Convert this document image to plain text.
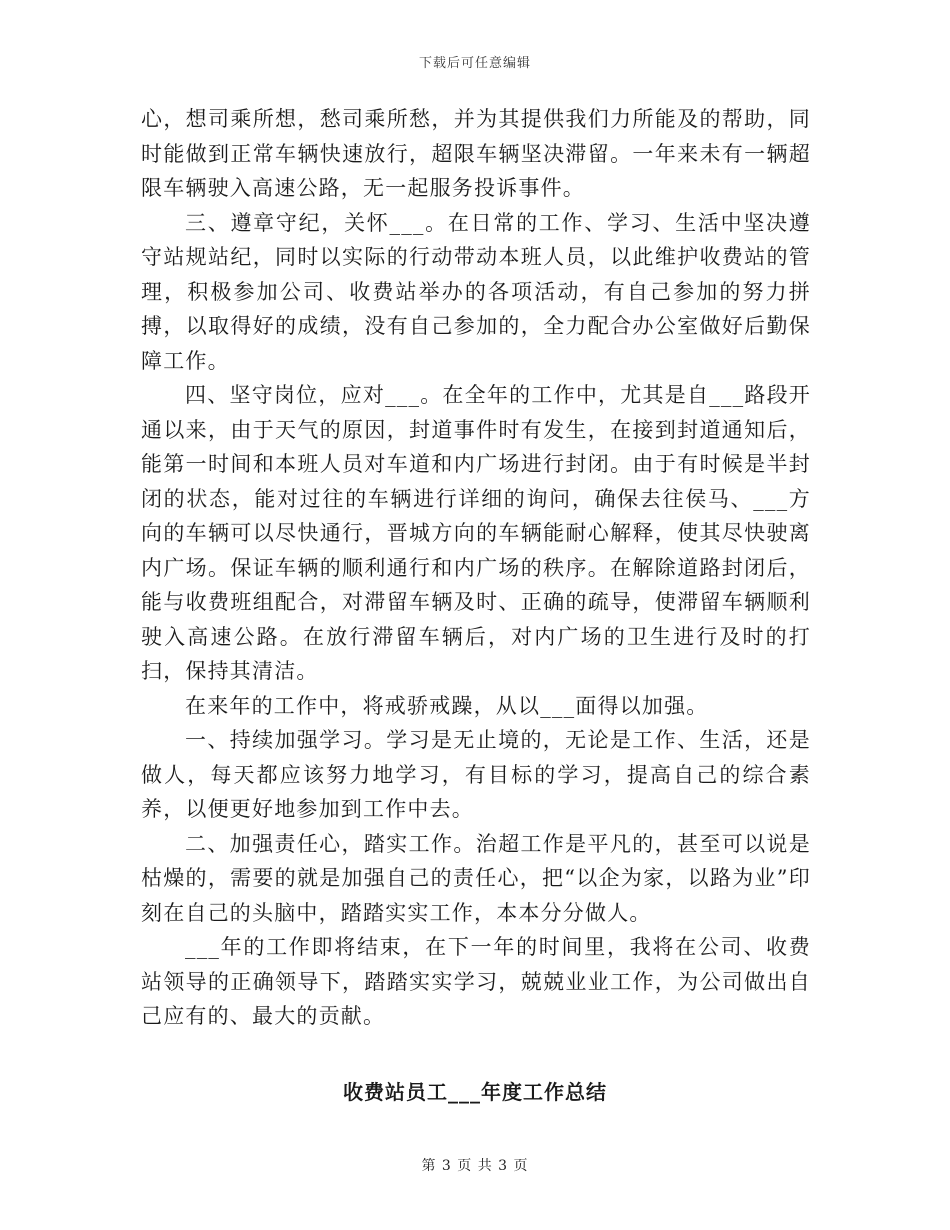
下载后可任意编辑

心，想司乘所想，愁司乘所愁，并为其提供我们力所能及的帮助，同时能做到正常车辆快速放行，超限车辆坚决滞留。一年来未有一辆超限车辆驶入高速公路，无一起服务投诉事件。

三、遵章守纪，关怀___。在日常的工作、学习、生活中坚决遵守站规站纪，同时以实际的行动带动本班人员，以此维护收费站的管理，积极参加公司、收费站举办的各项活动，有自己参加的努力拼搏，以取得好的成绩，没有自己参加的，全力配合办公室做好后勤保障工作。

四、坚守岗位，应对___。在全年的工作中，尤其是自___路段开通以来，由于天气的原因，封道事件时有发生，在接到封道通知后，能第一时间和本班人员对车道和内广场进行封闭。由于有时候是半封闭的状态，能对过往的车辆进行详细的询问，确保去往侯马、___方向的车辆可以尽快通行，晋城方向的车辆能耐心解释，使其尽快驶离内广场。保证车辆的顺利通行和内广场的秩序。在解除道路封闭后，能与收费班组配合，对滞留车辆及时、正确的疏导，使滞留车辆顺利驶入高速公路。在放行滞留车辆后，对内广场的卫生进行及时的打扫，保持其清洁。

在来年的工作中，将戒骄戒躁，从以___面得以加强。

一、持续加强学习。学习是无止境的，无论是工作、生活，还是做人，每天都应该努力地学习，有目标的学习，提高自己的综合素养，以便更好地参加到工作中去。

二、加强责任心，踏实工作。治超工作是平凡的，甚至可以说是枯燥的，需要的就是加强自己的责任心，把“以企为家，以路为业”印刻在自己的头脑中，踏踏实实工作，本本分分做人。

___年的工作即将结束，在下一年的时间里，我将在公司、收费站领导的正确领导下，踏踏实实学习，兢兢业业工作，为公司做出自己应有的、最大的贡献。

收费站员工___年度工作总结
第 3 页 共 3 页
